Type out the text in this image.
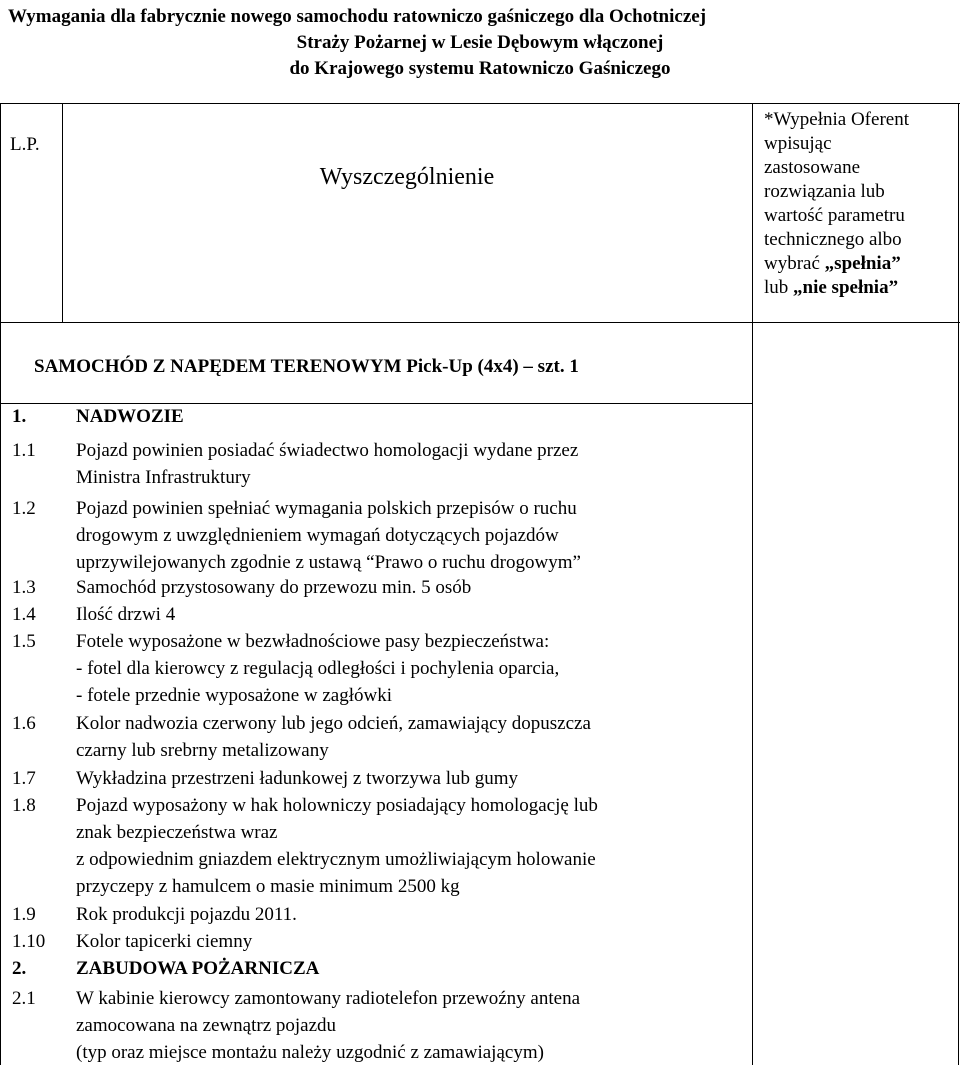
Wymagania dla fabrycznie nowego samochodu ratowniczo gaśniczego dla Ochotniczej
Straży Pożarnej w Lesie Dębowym włączonej
do Krajowego systemu Ratowniczo Gaśniczego
L.P.
Wyszczególnienie
*Wypełnia Oferent
wpisując
zastosowane
rozwiązania lub
wartość parametru
technicznego albo
wybrać „spełnia”
lub „nie spełnia”
SAMOCHÓD Z NAPĘDEM TERENOWYM Pick-Up (4x4) – szt. 1
1.	NADWOZIE
1.1 Pojazd powinien posiadać świadectwo homologacji wydane przez
Ministra Infrastruktury
1.2 Pojazd powinien spełniać wymagania polskich przepisów o ruchu
drogowym z uwzględnieniem wymagań dotyczących pojazdów
uprzywilejowanych zgodnie z ustawą “Prawo o ruchu drogowym”
1.3 Samochód przystosowany do przewozu min. 5 osób
1.4 Ilość drzwi 4
1.5 Fotele wyposażone w bezwładnościowe pasy bezpieczeństwa:
- fotel dla kierowcy z regulacją odległości i pochylenia oparcia,
- fotele przednie wyposażone w zagłówki
1.6 Kolor nadwozia czerwony lub jego odcień, zamawiający dopuszcza
czarny lub srebrny metalizowany
1.7 Wykładzina przestrzeni ładunkowej z tworzywa lub gumy
1.8 Pojazd wyposażony w hak holowniczy posiadający homologację lub
znak bezpieczeństwa wraz
z odpowiednim gniazdem elektrycznym umożliwiającym holowanie
przyczepy z hamulcem o masie minimum 2500 kg
1.9 Rok produkcji pojazdu 2011.
1.10 Kolor tapicerki ciemny
2.	ZABUDOWA POŻARNICZA
2.1 W kabinie kierowcy zamontowany radiotelefon przewoźny antena
zamocowana na zewnątrz pojazdu
(typ oraz miejsce montażu należy uzgodnić z zamawiającym)
